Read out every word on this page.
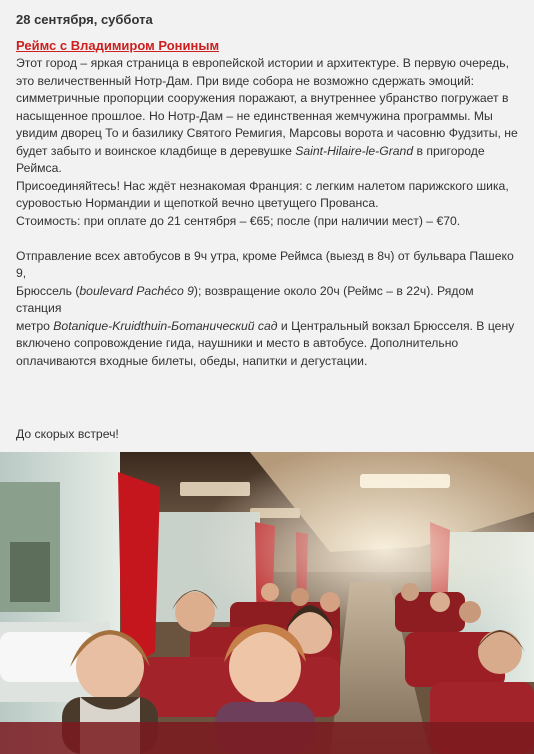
28 сентября, суббота
Реймс с Владимиром Рониным
Этот город – яркая страница в европейской истории и архитектуре. В первую очередь,
это величественный Нотр-Дам. При виде собора не возможно сдержать эмоций:
симметричные пропорции сооружения поражают, а внутреннее убранство погружает в
насыщенное прошлое. Но Нотр-Дам – не единственная жемчужина программы. Мы
увидим дворец То и базилику Святого Ремигия, Марсовы ворота и часовню Фудзиты, не
будет забыто и воинское кладбище в деревушке Saint-Hilaire-le-Grand в пригороде
Реймса.
Присоединяйтесь! Нас ждёт незнакомая Франция: с легким налетом парижского шика,
суровостью Нормандии и щепоткой вечно цветущего Прованса.
Стоимость: при оплате до 21 сентября – €65; после (при наличии мест) – €70.
Отправление всех автобусов в 9ч утра, кроме Реймса (выезд в 8ч) от бульвара Пашеко 9,
Брюссель (boulevard Pachéco 9); возвращение около 20ч (Реймс – в 22ч). Рядом станция
метро Botanique-Kruidthuin-Ботанический сад и Центральный вокзал Брюсселя. В цену
включено сопровождение гида, наушники и место в автобусе. Дополнительно
оплачиваются входные билеты, обеды, напитки и дегустации.
До скорых встреч!
